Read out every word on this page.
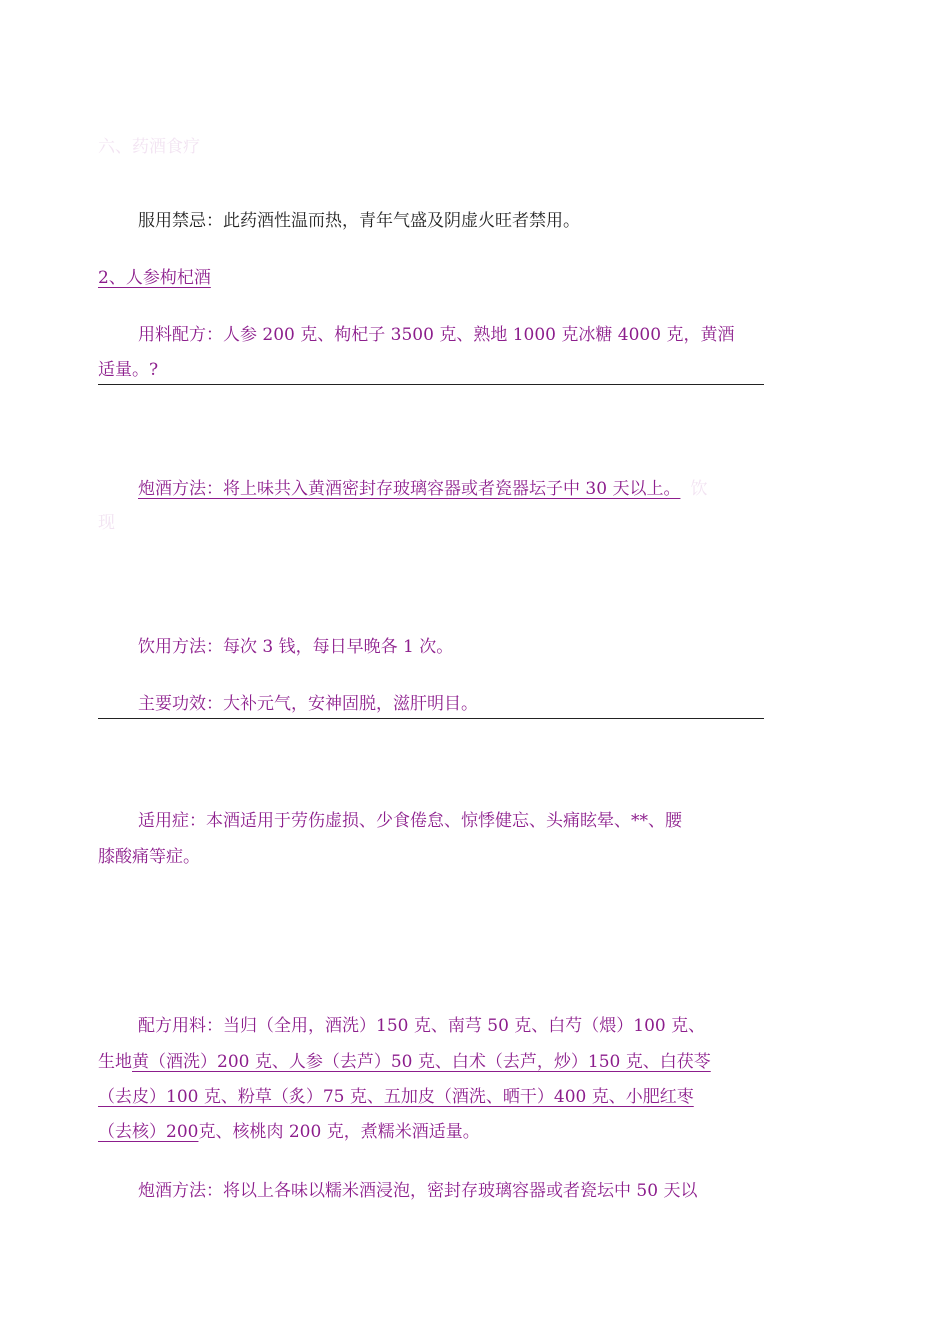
六、药酒食疗
服用禁忌：此药酒性温而热，青年气盛及阴虚火旺者禁用。
2、人参枸杞酒
用料配方：人参 200 克、枸杞子 3500 克、熟地 1000 克冰糖 4000 克，黄酒
适量。?
炮酒方法：将上味共入黄酒密封存玻璃容器或者瓷器坛子中 30 天以上。 饮
现
饮用方法：每次 3 钱，每日早晚各 1 次。
主要功效：大补元气，安神固脱，滋肝明目。
适用症：本酒适用于劳伤虚损、少食倦怠、惊悸健忘、头痛眩晕、**、腰
膝酸痛等症。
配方用料：当归（全用，酒洗）150 克、南芎 50 克、白芍（煨）100 克、
生地黄（酒洗）200 克、人参（去芦）50 克、白术（去芦，炒）150 克、白茯苓
（去皮）100 克、粉草（炙）75 克、五加皮（酒洗、晒干）400 克、小肥红枣
（去核）200克、核桃肉 200 克，煮糯米酒适量。
炮酒方法：将以上各味以糯米酒浸泡，密封存玻璃容器或者瓷坛中 50 天以
